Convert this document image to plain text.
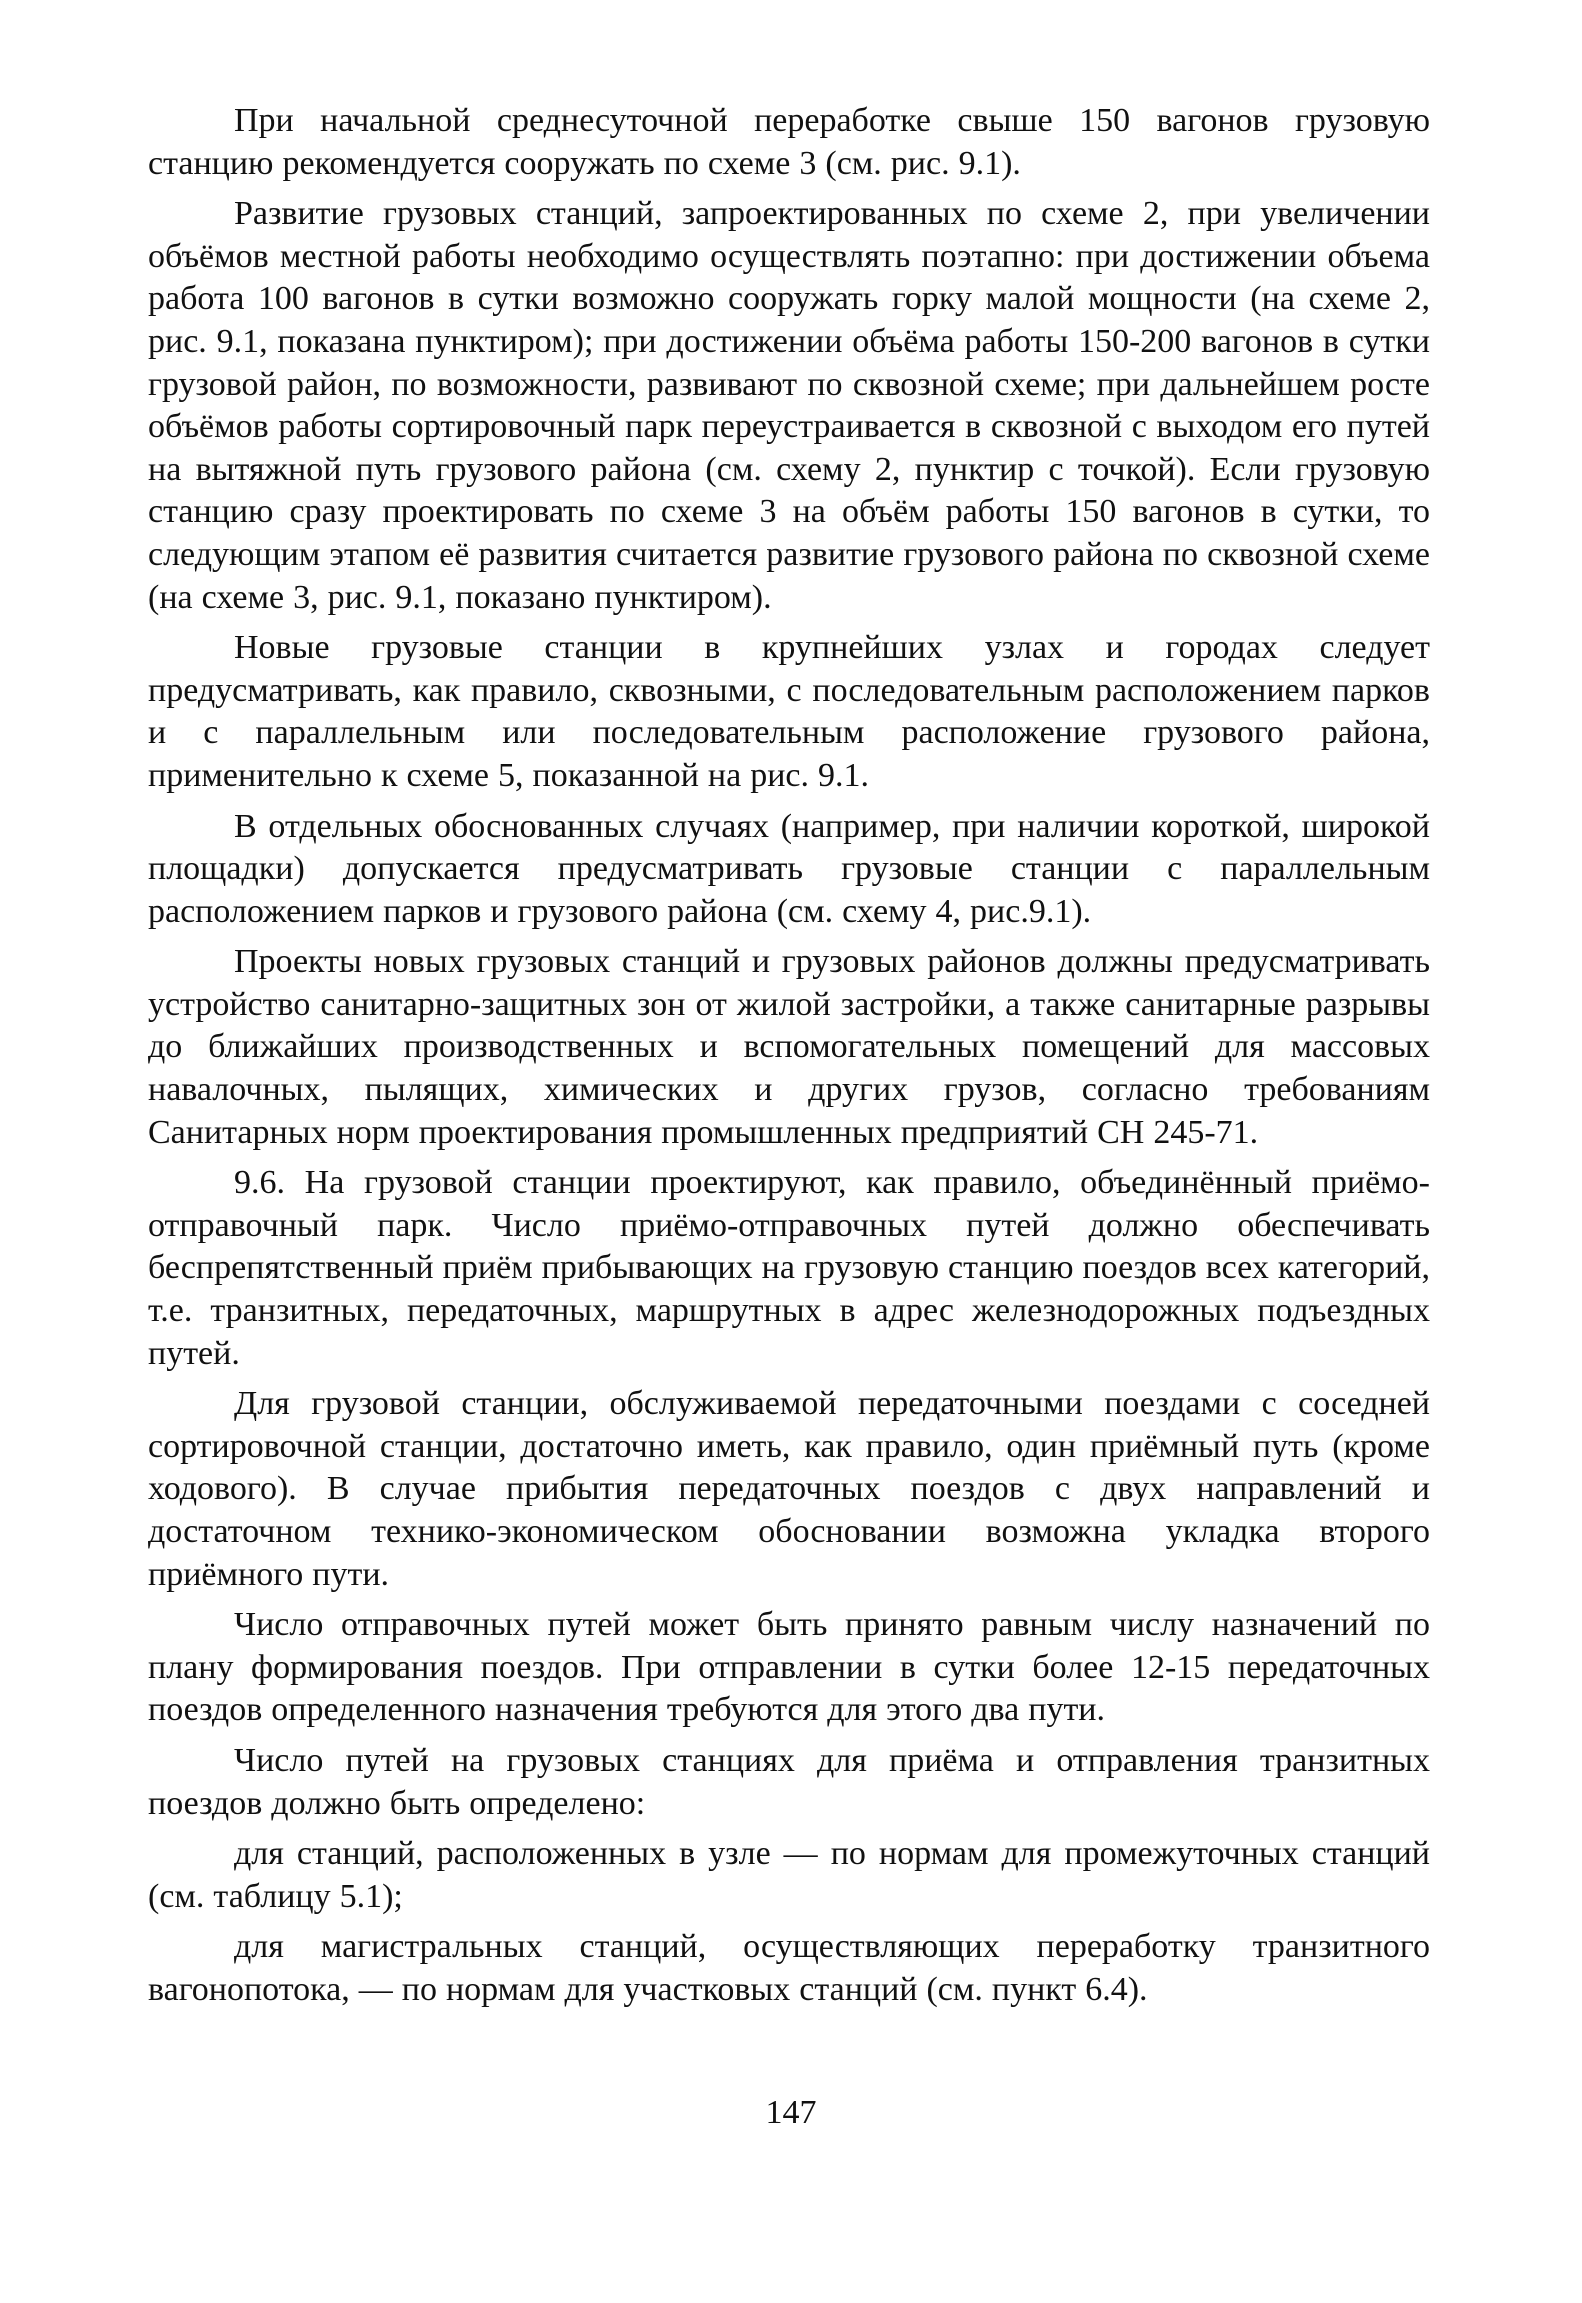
При начальной среднесуточной переработке свыше 150 вагонов грузовую станцию рекомендуется сооружать по схеме 3 (см. рис. 9.1).

Развитие грузовых станций, запроектированных по схеме 2, при увеличении объёмов местной работы необходимо осуществлять поэтапно: при достижении объема работа 100 вагонов в сутки возможно сооружать горку малой мощности (на схеме 2, рис. 9.1, показана пунктиром); при достижении объёма работы 150-200 вагонов в сутки грузовой район, по возможности, развивают по сквозной схеме; при дальнейшем росте объёмов работы сортировочный парк переустраивается в сквозной с выходом его путей на вытяжной путь грузового района (см. схему 2, пунктир с точкой). Если грузовую станцию сразу проектировать по схеме 3 на объём работы 150 вагонов в сутки, то следующим этапом её развития считается развитие грузового района по сквозной схеме (на схеме 3, рис. 9.1, показано пунктиром).

Новые грузовые станции в крупнейших узлах и городах следует предусматривать, как правило, сквозными, с последовательным расположением парков и с параллельным или последовательным расположение грузового района, применительно к схеме 5, показанной на рис. 9.1.

В отдельных обоснованных случаях (например, при наличии короткой, широкой площадки) допускается предусматривать грузовые станции с параллельным расположением парков и грузового района (см. схему 4, рис.9.1).

Проекты новых грузовых станций и грузовых районов должны предусматривать устройство санитарно-защитных зон от жилой застройки, а также санитарные разрывы до ближайших производственных и вспомогательных помещений для массовых навалочных, пылящих, химических и других грузов, согласно требованиям Санитарных норм проектирования промышленных предприятий СН 245-71.

9.6. На грузовой станции проектируют, как правило, объединённый приёмо-отправочный парк. Число приёмо-отправочных путей должно обеспечивать беспрепятственный приём прибывающих на грузовую станцию поездов всех категорий, т.е. транзитных, передаточных, маршрутных в адрес железнодорожных подъездных путей.

Для грузовой станции, обслуживаемой передаточными поездами с соседней сортировочной станции, достаточно иметь, как правило, один приёмный путь (кроме ходового). В случае прибытия передаточных поездов с двух направлений и достаточном технико-экономическом обосновании возможна укладка второго приёмного пути.

Число отправочных путей может быть принято равным числу назначений по плану формирования поездов. При отправлении в сутки более 12-15 передаточных поездов определенного назначения требуются для этого два пути.

Число путей на грузовых станциях для приёма и отправления транзитных поездов должно быть определено:

для станций, расположенных в узле — по нормам для промежуточных станций (см. таблицу 5.1);

для магистральных станций, осуществляющих переработку транзитного вагонопотока, — по нормам для участковых станций (см. пункт 6.4).

147
